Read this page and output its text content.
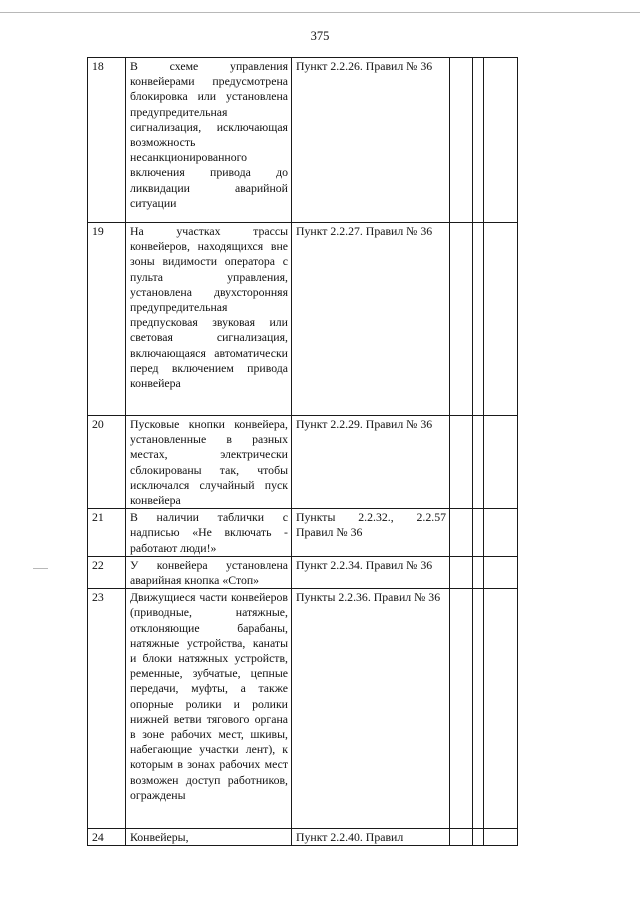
375
18	В схеме управления конвейерами предусмотрена блокировка или установлена предупредительная сигнализация, исключающая возможность несанкционированного включения привода до ликвидации аварийной ситуации	Пункт 2.2.26. Правил № 36			
19	На участках трассы конвейеров, находящихся вне зоны видимости оператора с пульта управления, установлена двухсторонняя предупредительная предпусковая звуковая или световая сигнализация, включающаяся автоматически перед включением привода конвейера	Пункт 2.2.27. Правил № 36			
20	Пусковые кнопки конвейера, установленные в разных местах, электрически сблокированы так, чтобы исключался случайный пуск конвейера	Пункт 2.2.29. Правил № 36			
21	В наличии таблички с надписью «Не включать - работают люди!»	Пункты 2.2.32., 2.2.57 Правил № 36			
22	У конвейера установлена аварийная кнопка «Стоп»	Пункт 2.2.34. Правил № 36			
23	Движущиеся части конвейеров (приводные, натяжные, отклоняющие барабаны, натяжные устройства, канаты и блоки натяжных устройств, ременные, зубчатые, цепные передачи, муфты, а также опорные ролики и ролики нижней ветви тягового органа в зоне рабочих мест, шкивы, набегающие участки лент), к которым в зонах рабочих мест возможен доступ работников, ограждены	Пункты 2.2.36. Правил № 36			
24	Конвейеры,	Пункт 2.2.40. Правил			
